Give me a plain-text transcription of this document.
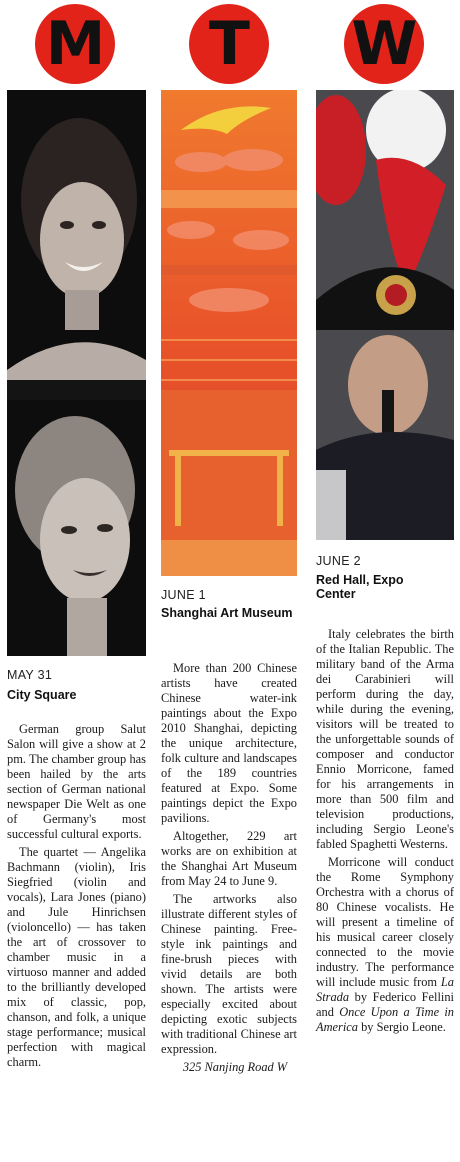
M
MAY 31
City Square

German group Salut Salon will give a show at 2 pm. The chamber group has been hailed by the arts section of German national newspaper Die Welt as one of Germany's most successful cultural exports.

The quartet — Angelika Bachmann (violin), Iris Siegfried (violin and vocals), Lara Jones (piano) and Jule Hinrichsen (violoncello) — has taken the art of crossover to chamber music in a virtuoso manner and added to the brilliantly developed mix of classic, pop, chanson, and folk, a unique stage performance; musical perfection with magical charm.

T
JUNE 1
Shanghai Art Museum

More than 200 Chinese artists have created Chinese water-ink paintings about the Expo 2010 Shanghai, depicting the unique architecture, folk culture and landscapes of the 189 countries featured at Expo. Some paintings depict the Expo pavilions.

Altogether, 229 art works are on exhibition at the Shanghai Art Museum from May 24 to June 9.

The artworks also illustrate different styles of Chinese painting. Free-style ink paintings and fine-brush pieces with vivid details are both shown. The artists were especially excited about depicting exotic subjects with traditional Chinese art expression.

325 Nanjing Road W

W
JUNE 2
Red Hall, Expo Center

Italy celebrates the birth of the Italian Republic. The military band of the Arma dei Carabinieri will perform during the day, while during the evening, visitors will be treated to the unforgettable sounds of composer and conductor Ennio Morricone, famed for his arrangements in more than 500 film and television productions, including Sergio Leone's fabled Spaghetti Westerns.

Morricone will conduct the Rome Symphony Orchestra with a chorus of 80 Chinese vocalists. He will present a timeline of his musical career closely connected to the movie industry. The performance will include music from La Strada by Federico Fellini and Once Upon a Time in America by Sergio Leone.
